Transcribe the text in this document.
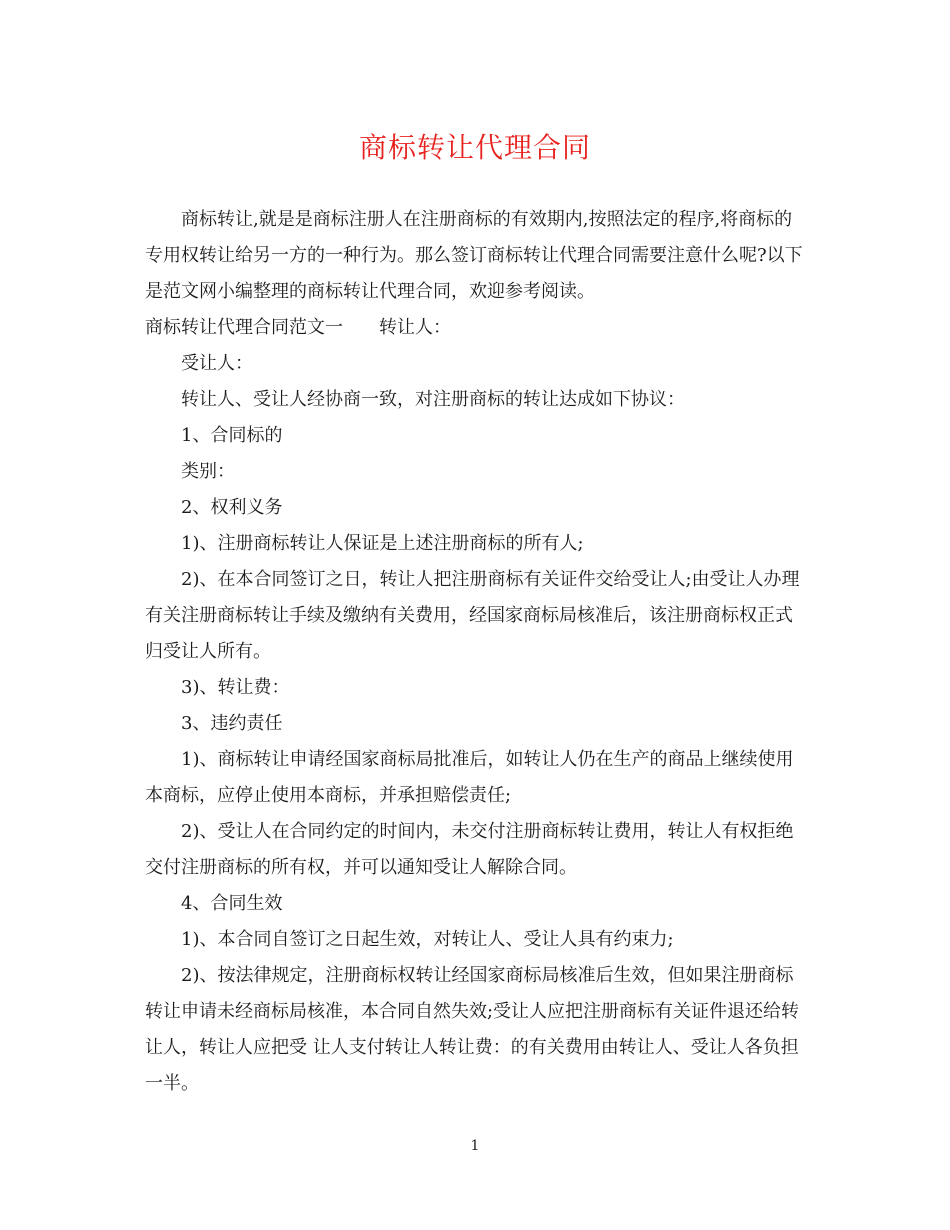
商标转让代理合同

商标转让,就是是商标注册人在注册商标的有效期内,按照法定的程序,将商标的专用权转让给另一方的一种行为。那么签订商标转让代理合同需要注意什么呢?以下是范文网小编整理的商标转让代理合同，欢迎参考阅读。

商标转让代理合同范文一 转让人：

受让人：

转让人、受让人经协商一致，对注册商标的转让达成如下协议：

1、合同标的

类别：

2、权利义务

1)、注册商标转让人保证是上述注册商标的所有人;

2)、在本合同签订之日，转让人把注册商标有关证件交给受让人;由受让人办理有关注册商标转让手续及缴纳有关费用，经国家商标局核准后，该注册商标权正式归受让人所有。

3)、转让费：

3、违约责任

1)、商标转让申请经国家商标局批准后，如转让人仍在生产的商品上继续使用本商标，应停止使用本商标，并承担赔偿责任;

2)、受让人在合同约定的时间内，未交付注册商标转让费用，转让人有权拒绝交付注册商标的所有权，并可以通知受让人解除合同。

4、合同生效

1)、本合同自签订之日起生效，对转让人、受让人具有约束力;

2)、按法律规定，注册商标权转让经国家商标局核准后生效，但如果注册商标转让申请未经商标局核准，本合同自然失效;受让人应把注册商标有关证件退还给转让人，转让人应把受 让人支付转让人转让费：的有关费用由转让人、受让人各负担一半。

1
